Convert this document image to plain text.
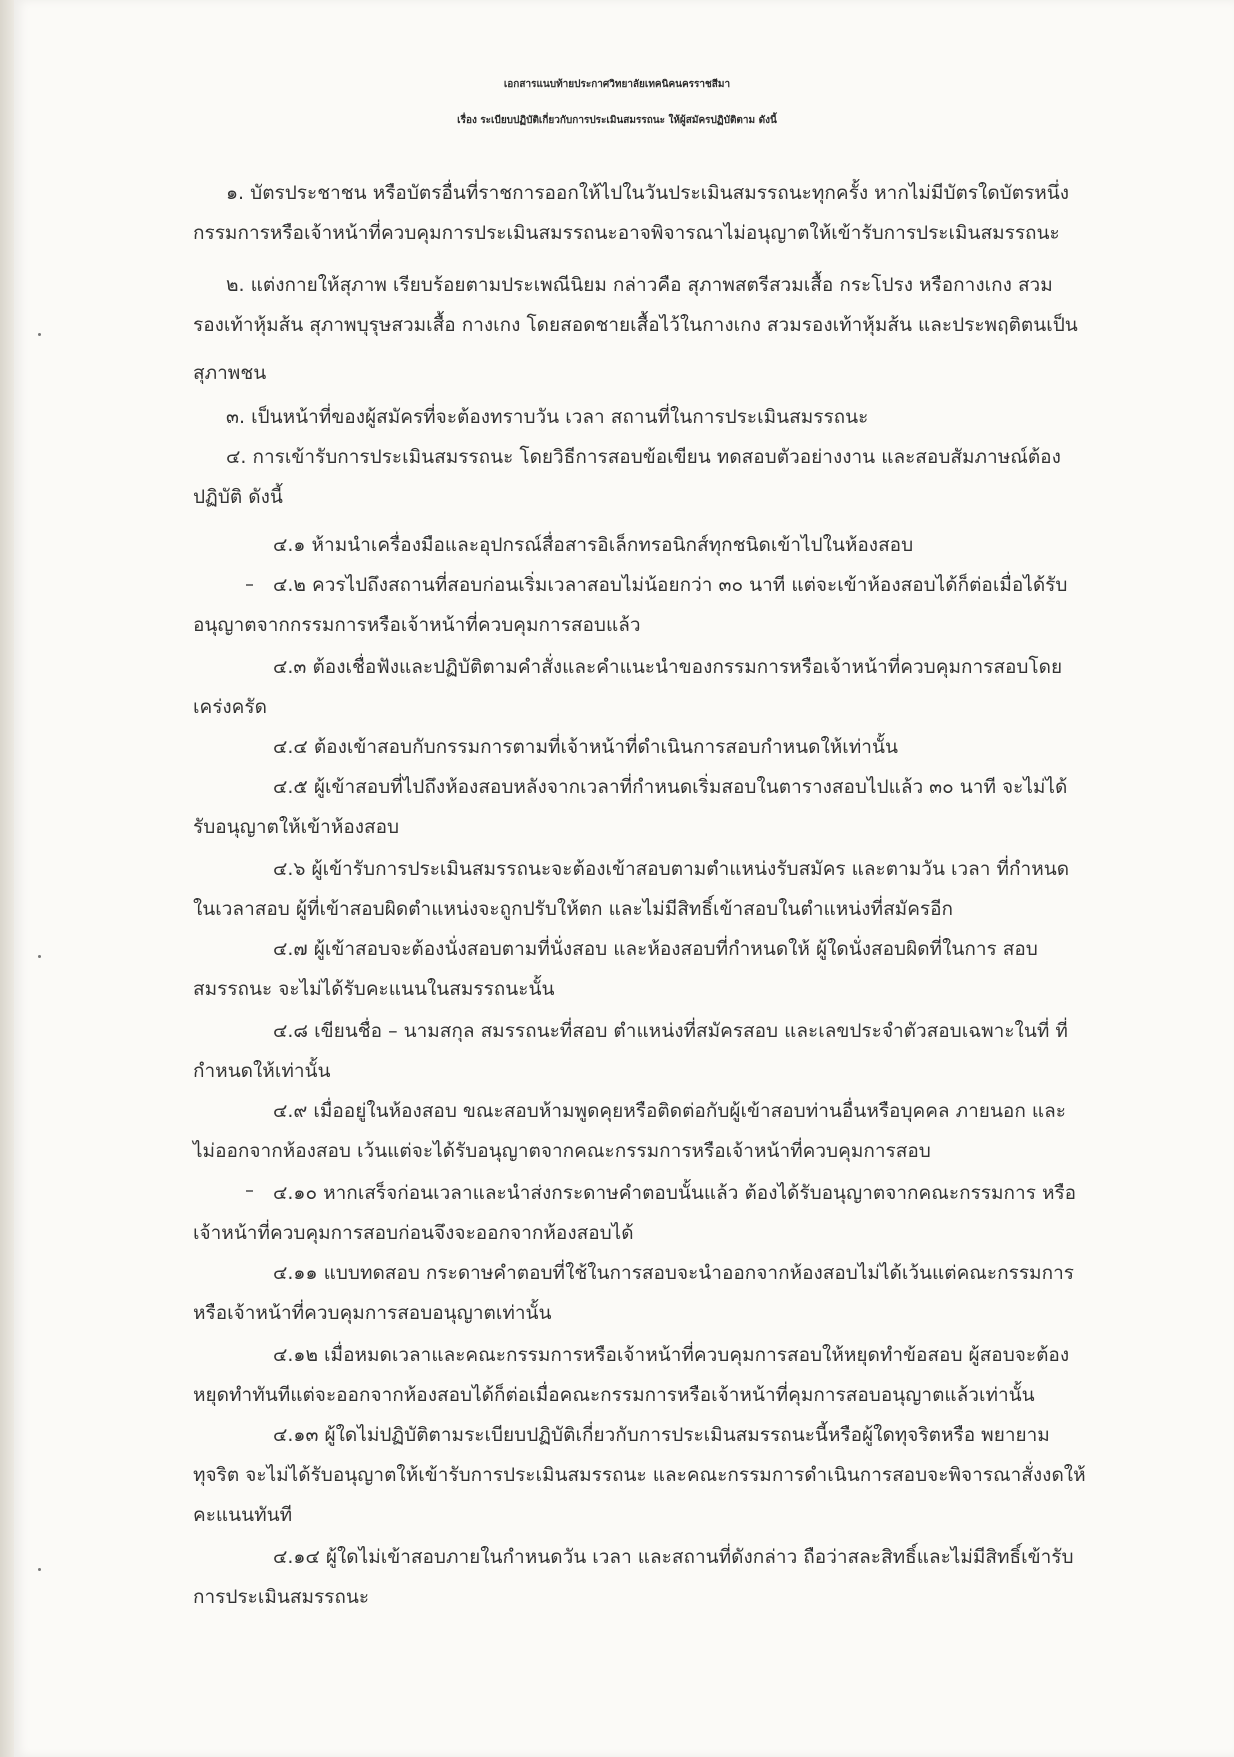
เอกสารแนบท้ายประกาศวิทยาลัยเทคนิคนครราชสีมา
เรื่อง ระเบียบปฏิบัติเกี่ยวกับการประเมินสมรรถนะ ให้ผู้สมัครปฏิบัติตาม ดังนี้
๑. บัตรประชาชน หรือบัตรอื่นที่ราชการออกให้ไปในวันประเมินสมรรถนะทุกครั้ง หากไม่มีบัตรใดบัตรหนึ่ง
กรรมการหรือเจ้าหน้าที่ควบคุมการประเมินสมรรถนะอาจพิจารณาไม่อนุญาตให้เข้ารับการประเมินสมรรถนะ
๒. แต่งกายให้สุภาพ เรียบร้อยตามประเพณีนิยม กล่าวคือ สุภาพสตรีสวมเสื้อ กระโปรง หรือกางเกง สวม
รองเท้าหุ้มส้น สุภาพบุรุษสวมเสื้อ กางเกง โดยสอดชายเสื้อไว้ในกางเกง สวมรองเท้าหุ้มส้น และประพฤติตนเป็น
สุภาพชน
๓. เป็นหน้าที่ของผู้สมัครที่จะต้องทราบวัน เวลา สถานที่ในการประเมินสมรรถนะ
๔. การเข้ารับการประเมินสมรรถนะ โดยวิธีการสอบข้อเขียน ทดสอบตัวอย่างงาน และสอบสัมภาษณ์ต้อง
ปฏิบัติ ดังนี้
๔.๑ ห้ามนำเครื่องมือและอุปกรณ์สื่อสารอิเล็กทรอนิกส์ทุกชนิดเข้าไปในห้องสอบ
๔.๒ ควรไปถึงสถานที่สอบก่อนเริ่มเวลาสอบไม่น้อยกว่า ๓๐ นาที แต่จะเข้าห้องสอบได้ก็ต่อเมื่อได้รับ
อนุญาตจากกรรมการหรือเจ้าหน้าที่ควบคุมการสอบแล้ว
๔.๓ ต้องเชื่อฟังและปฏิบัติตามคำสั่งและคำแนะนำของกรรมการหรือเจ้าหน้าที่ควบคุมการสอบโดย
เคร่งครัด
๔.๔ ต้องเข้าสอบกับกรรมการตามที่เจ้าหน้าที่ดำเนินการสอบกำหนดให้เท่านั้น
๔.๕ ผู้เข้าสอบที่ไปถึงห้องสอบหลังจากเวลาที่กำหนดเริ่มสอบในตารางสอบไปแล้ว ๓๐ นาที จะไม่ได้
รับอนุญาตให้เข้าห้องสอบ
๔.๖ ผู้เข้ารับการประเมินสมรรถนะจะต้องเข้าสอบตามตำแหน่งรับสมัคร และตามวัน เวลา ที่กำหนด
ในเวลาสอบ ผู้ที่เข้าสอบผิดตำแหน่งจะถูกปรับให้ตก และไม่มีสิทธิ์เข้าสอบในตำแหน่งที่สมัครอีก
๔.๗ ผู้เข้าสอบจะต้องนั่งสอบตามที่นั่งสอบ และห้องสอบที่กำหนดให้ ผู้ใดนั่งสอบผิดที่ในการ สอบ
สมรรถนะ จะไม่ได้รับคะแนนในสมรรถนะนั้น
๔.๘ เขียนชื่อ – นามสกุล สมรรถนะที่สอบ ตำแหน่งที่สมัครสอบ และเลขประจำตัวสอบเฉพาะในที่ ที่
กำหนดให้เท่านั้น
๔.๙ เมื่ออยู่ในห้องสอบ ขณะสอบห้ามพูดคุยหรือติดต่อกับผู้เข้าสอบท่านอื่นหรือบุคคล ภายนอก และ
ไม่ออกจากห้องสอบ เว้นแต่จะได้รับอนุญาตจากคณะกรรมการหรือเจ้าหน้าที่ควบคุมการสอบ
๔.๑๐ หากเสร็จก่อนเวลาและนำส่งกระดาษคำตอบนั้นแล้ว ต้องได้รับอนุญาตจากคณะกรรมการ หรือ
เจ้าหน้าที่ควบคุมการสอบก่อนจึงจะออกจากห้องสอบได้
๔.๑๑ แบบทดสอบ กระดาษคำตอบที่ใช้ในการสอบจะนำออกจากห้องสอบไม่ได้เว้นแต่คณะกรรมการ
หรือเจ้าหน้าที่ควบคุมการสอบอนุญาตเท่านั้น
๔.๑๒ เมื่อหมดเวลาและคณะกรรมการหรือเจ้าหน้าที่ควบคุมการสอบให้หยุดทำข้อสอบ ผู้สอบจะต้อง
หยุดทำทันทีแต่จะออกจากห้องสอบได้ก็ต่อเมื่อคณะกรรมการหรือเจ้าหน้าที่คุมการสอบอนุญาตแล้วเท่านั้น
๔.๑๓ ผู้ใดไม่ปฏิบัติตามระเบียบปฏิบัติเกี่ยวกับการประเมินสมรรถนะนี้หรือผู้ใดทุจริตหรือ พยายาม
ทุจริต จะไม่ได้รับอนุญาตให้เข้ารับการประเมินสมรรถนะ และคณะกรรมการดำเนินการสอบจะพิจารณาสั่งงดให้
คะแนนทันที
๔.๑๔ ผู้ใดไม่เข้าสอบภายในกำหนดวัน เวลา และสถานที่ดังกล่าว ถือว่าสละสิทธิ์และไม่มีสิทธิ์เข้ารับ
การประเมินสมรรถนะ
